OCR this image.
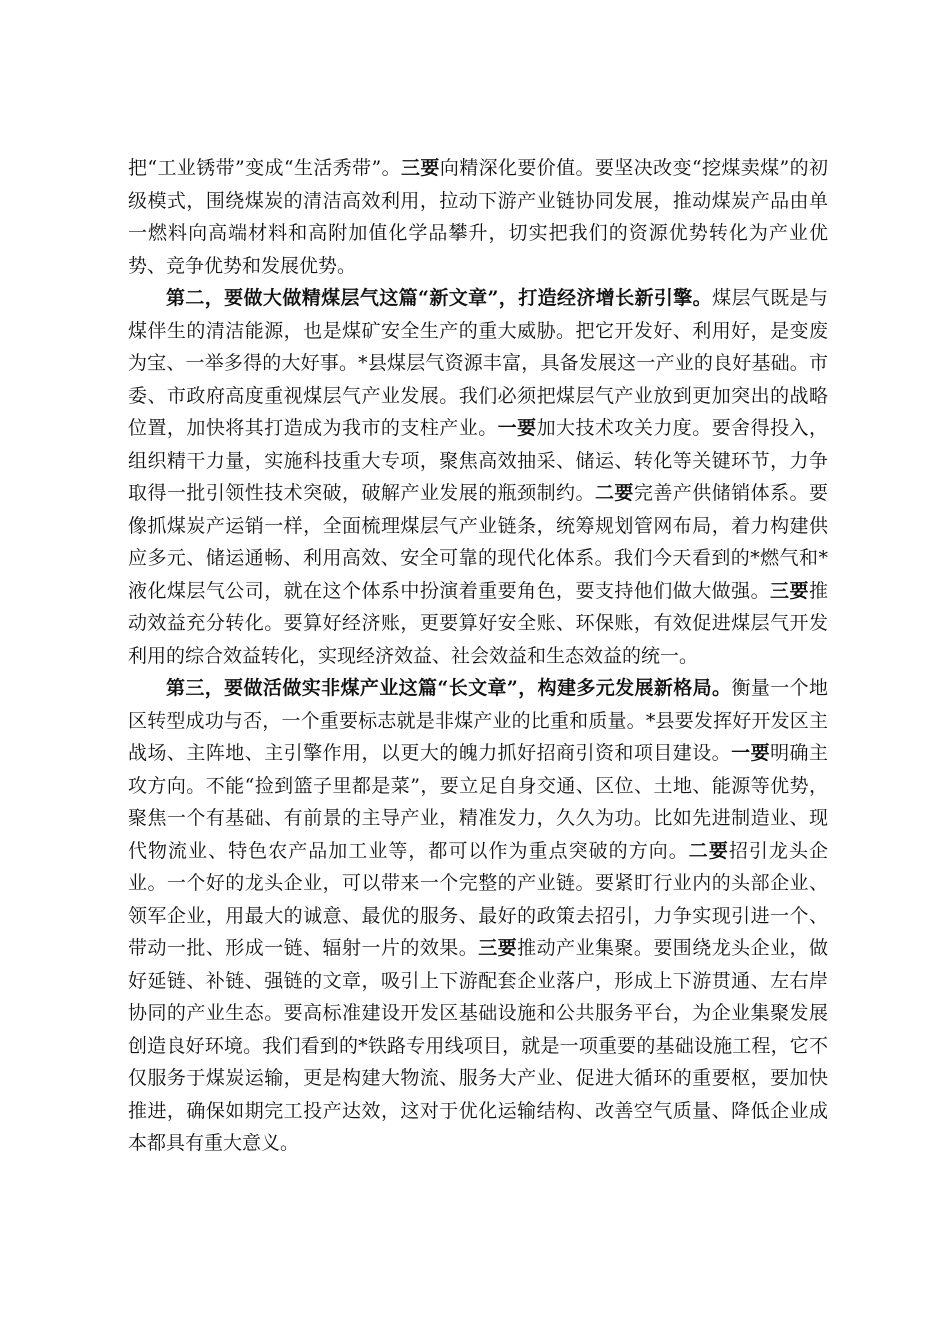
把“工业锈带”变成“生活秀带”。三要向精深化要价值。要坚决改变“挖煤卖煤”的初级模式，围绕煤炭的清洁高效利用，拉动下游产业链协同发展，推动煤炭产品由单一燃料向高端材料和高附加值化学品攀升，切实把我们的资源优势转化为产业优势、竞争优势和发展优势。

第二，要做大做精煤层气这篇“新文章”，打造经济增长新引擎。煤层气既是与煤伴生的清洁能源，也是煤矿安全生产的重大威胁。把它开发好、利用好，是变废为宝、一举多得的大好事。*县煤层气资源丰富，具备发展这一产业的良好基础。市委、市政府高度重视煤层气产业发展。我们必须把煤层气产业放到更加突出的战略位置，加快将其打造成为我市的支柱产业。一要加大技术攻关力度。要舍得投入，组织精干力量，实施科技重大专项，聚焦高效抽采、储运、转化等关键环节，力争取得一批引领性技术突破，破解产业发展的瓶颈制约。二要完善产供储销体系。要像抓煤炭产运销一样，全面梳理煤层气产业链条，统筹规划管网布局，着力构建供应多元、储运通畅、利用高效、安全可靠的现代化体系。我们今天看到的*燃气和*液化煤层气公司，就在这个体系中扮演着重要角色，要支持他们做大做强。三要推动效益充分转化。要算好经济账，更要算好安全账、环保账，有效促进煤层气开发利用的综合效益转化，实现经济效益、社会效益和生态效益的统一。

第三，要做活做实非煤产业这篇“长文章”，构建多元发展新格局。衡量一个地区转型成功与否，一个重要标志就是非煤产业的比重和质量。*县要发挥好开发区主战场、主阵地、主引擎作用，以更大的魄力抓好招商引资和项目建设。一要明确主攻方向。不能“捡到篮子里都是菜”，要立足自身交通、区位、土地、能源等优势，聚焦一个有基础、有前景的主导产业，精准发力，久久为功。比如先进制造业、现代物流业、特色农产品加工业等，都可以作为重点突破的方向。二要招引龙头企业。一个好的龙头企业，可以带来一个完整的产业链。要紧盯行业内的头部企业、领军企业，用最大的诚意、最优的服务、最好的政策去招引，力争实现引进一个、带动一批、形成一链、辐射一片的效果。三要推动产业集聚。要围绕龙头企业，做好延链、补链、强链的文章，吸引上下游配套企业落户，形成上下游贯通、左右岸协同的产业生态。要高标准建设开发区基础设施和公共服务平台，为企业集聚发展创造良好环境。我们看到的*铁路专用线项目，就是一项重要的基础设施工程，它不仅服务于煤炭运输，更是构建大物流、服务大产业、促进大循环的重要枢，要加快推进，确保如期完工投产达效，这对于优化运输结构、改善空气质量、降低企业成本都具有重大意义。
